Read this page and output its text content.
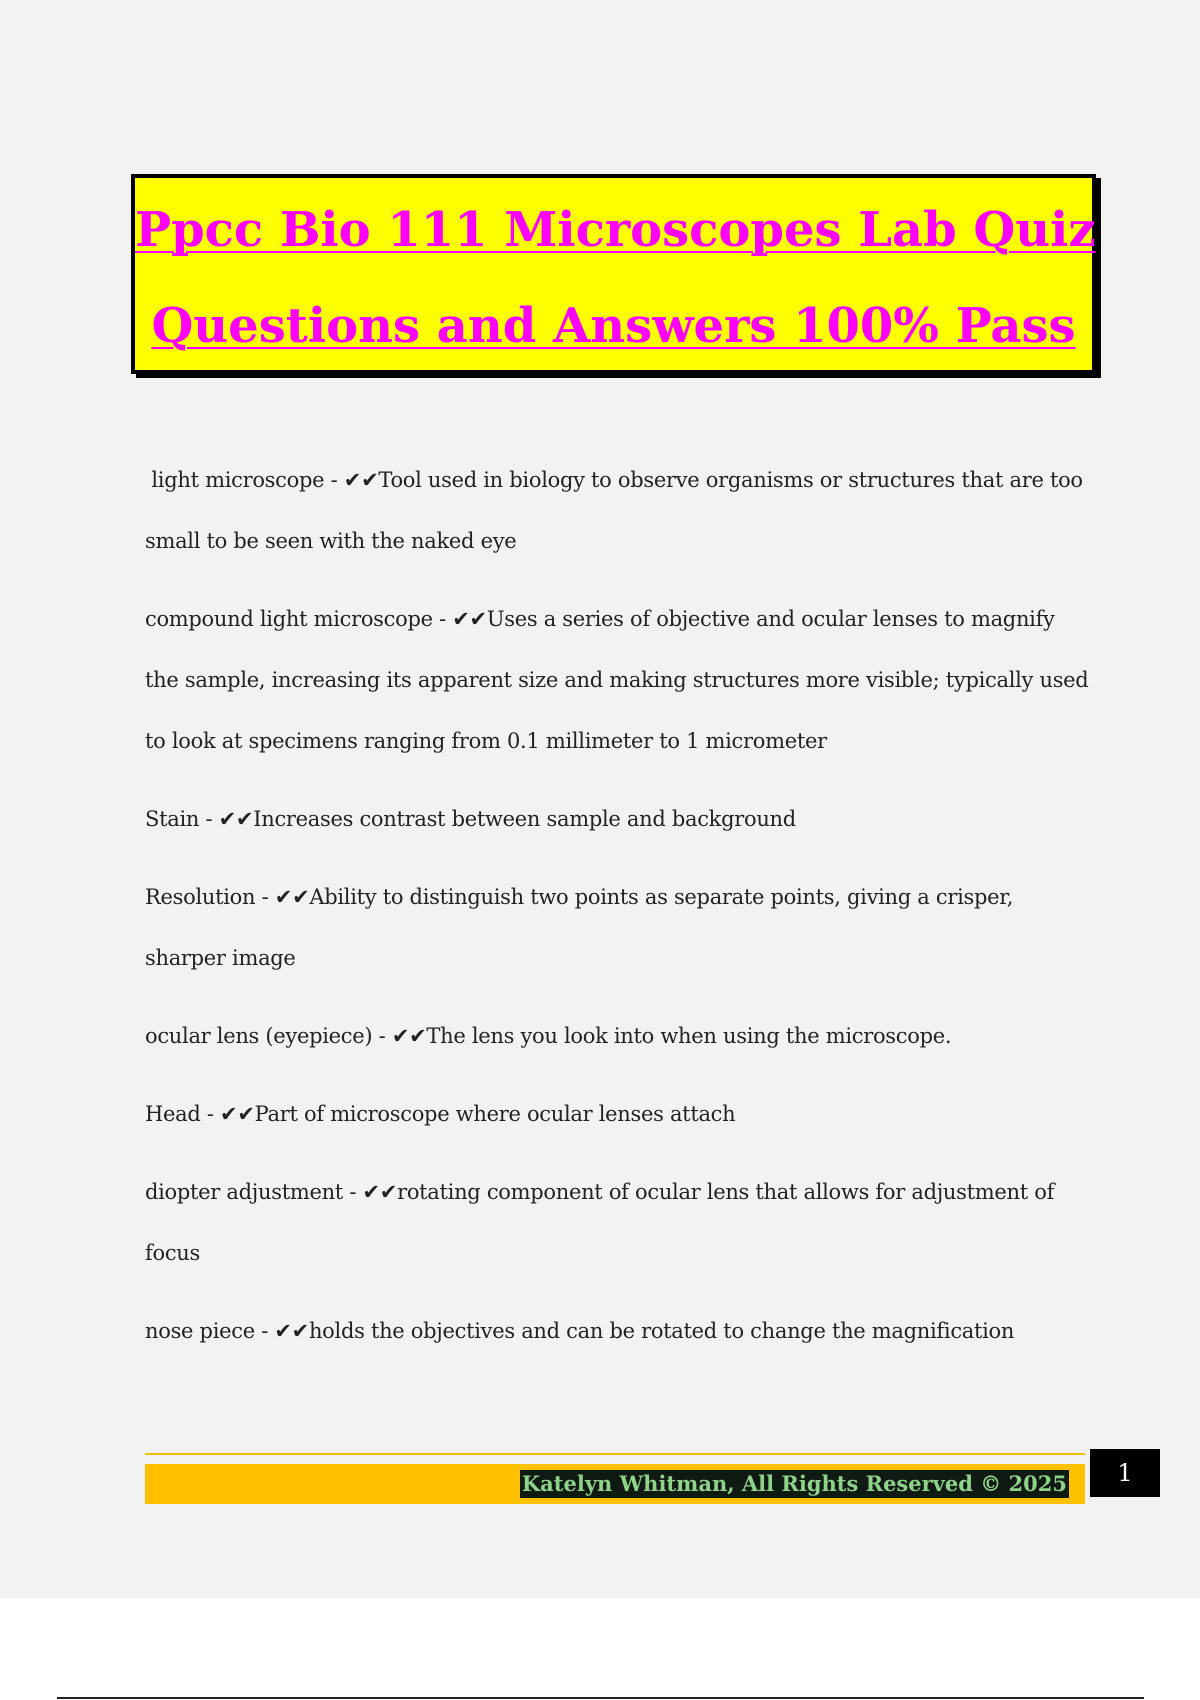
Ppcc Bio 111 Microscopes Lab Quiz
Questions and Answers 100% Pass

light microscope - ✔✔Tool used in biology to observe organisms or structures that are too small to be seen with the naked eye

compound light microscope - ✔✔Uses a series of objective and ocular lenses to magnify the sample, increasing its apparent size and making structures more visible; typically used to look at specimens ranging from 0.1 millimeter to 1 micrometer

Stain - ✔✔Increases contrast between sample and background

Resolution - ✔✔Ability to distinguish two points as separate points, giving a crisper, sharper image

ocular lens (eyepiece) - ✔✔The lens you look into when using the microscope.

Head - ✔✔Part of microscope where ocular lenses attach

diopter adjustment - ✔✔rotating component of ocular lens that allows for adjustment of focus

nose piece - ✔✔holds the objectives and can be rotated to change the magnification

Katelyn Whitman, All Rights Reserved © 2025	1
